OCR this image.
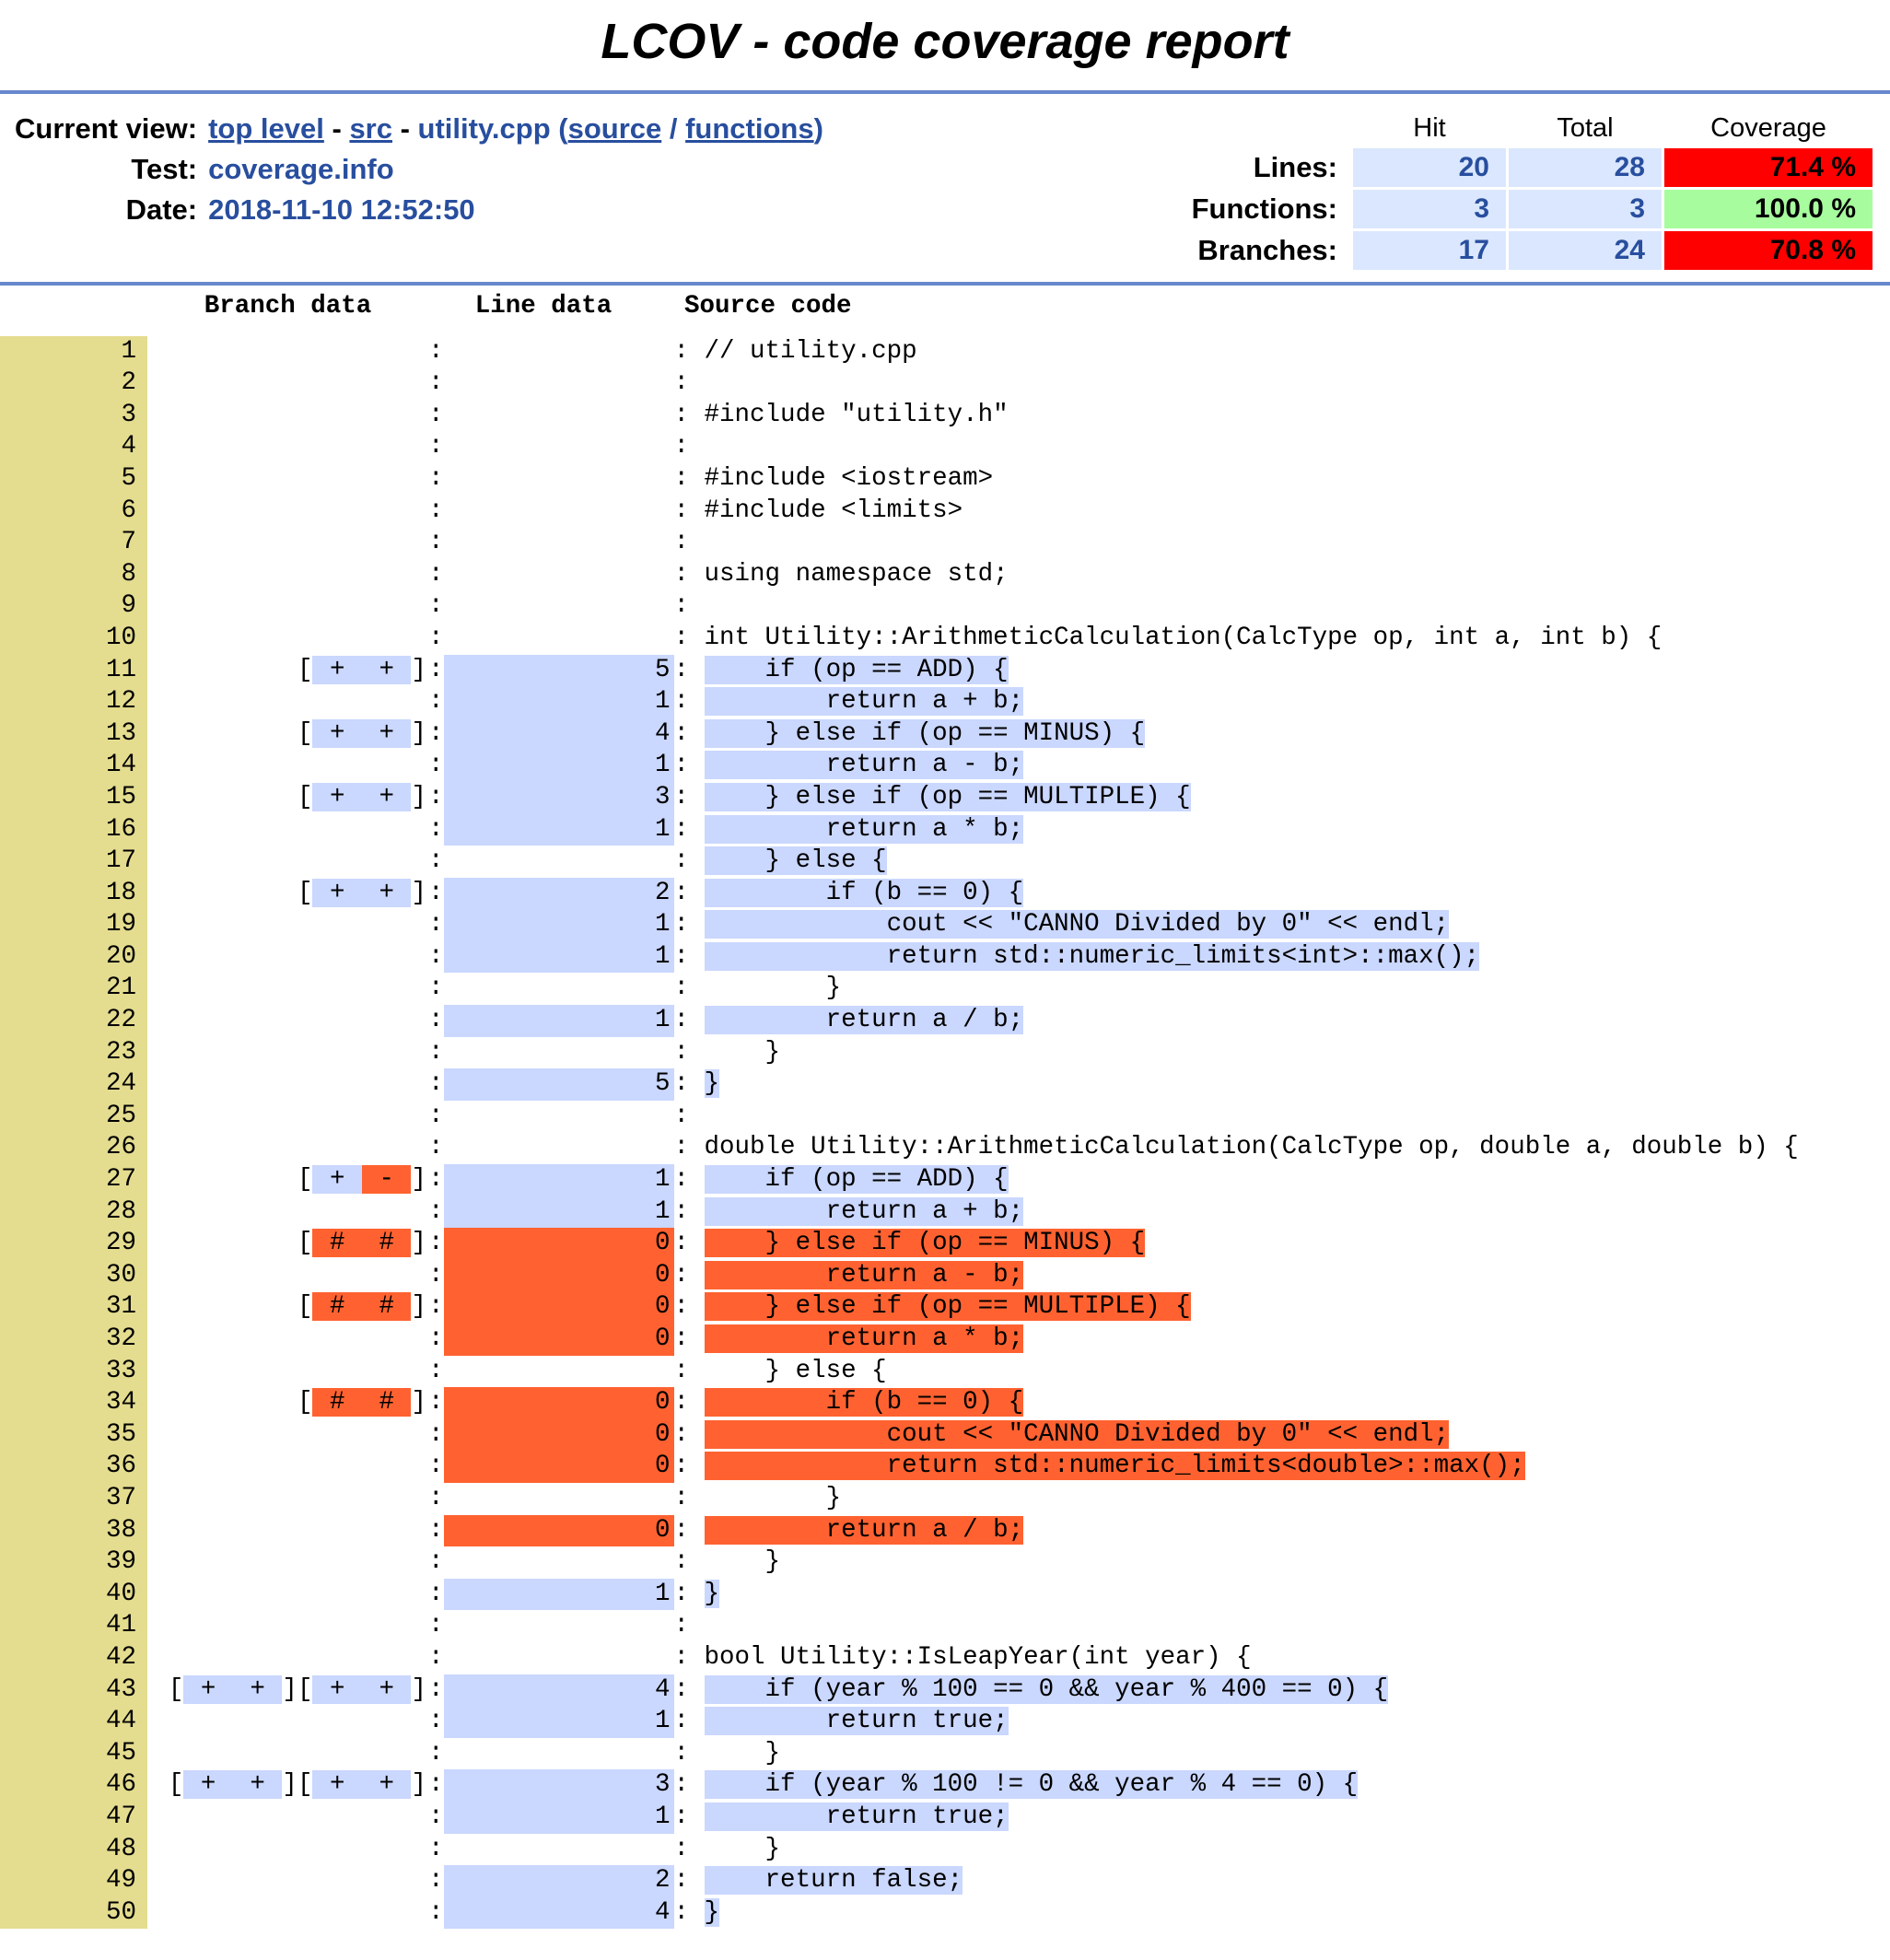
LCOV - code coverage report
Current view:	top level - src - utility.cpp (source / functions)
Test:	coverage.info
Date:	2018-11-10 12:52:50
	Hit	Total	Coverage
Lines:	20	28	71.4 %
Functions:	3	3	100.0 %
Branches:	17	24	70.8 %
Branch data	Line data	Source code
1	:	: // utility.cpp
2	:	:
3	:	: #include "utility.h"
4	:	:
5	:	: #include <iostream>
6	:	: #include <limits>
7	:	:
8	:	: using namespace std;
9	:	:
10	:	: int Utility::ArithmeticCalculation(CalcType op, int a, int b) {
11	[ +  + ]:	5 :     if (op == ADD) {
12	:	1 :         return a + b;
13	[ +  + ]:	4 :     } else if (op == MINUS) {
14	:	1 :         return a - b;
15	[ +  + ]:	3 :     } else if (op == MULTIPLE) {
16	:	1 :         return a * b;
17	:	:     } else {
18	[ +  + ]:	2 :         if (b == 0) {
19	:	1 :             cout << "CANNO Divided by 0" << endl;
20	:	1 :             return std::numeric_limits<int>::max();
21	:	:         }
22	:	1 :         return a / b;
23	:	:     }
24	:	5 : }
25	:	:
26	:	: double Utility::ArithmeticCalculation(CalcType op, double a, double b) {
27	[ +  - ]:	1 :     if (op == ADD) {
28	:	1 :         return a + b;
29	[ #  # ]:	0 :     } else if (op == MINUS) {
30	:	0 :         return a - b;
31	[ #  # ]:	0 :     } else if (op == MULTIPLE) {
32	:	0 :         return a * b;
33	:	:     } else {
34	[ #  # ]:	0 :         if (b == 0) {
35	:	0 :             cout << "CANNO Divided by 0" << endl;
36	:	0 :             return std::numeric_limits<double>::max();
37	:	:         }
38	:	0 :         return a / b;
39	:	:     }
40	:	1 : }
41	:	:
42	:	: bool Utility::IsLeapYear(int year) {
43 [ +  + ][ +  + ]:	4 :     if (year % 100 == 0 && year % 400 == 0) {
44	:	1 :         return true;
45	:	:     }
46 [ +  + ][ +  + ]:	3 :     if (year % 100 != 0 && year % 4 == 0) {
47	:	1 :         return true;
48	:	:     }
49	:	2 :     return false;
50	:	4 : }
